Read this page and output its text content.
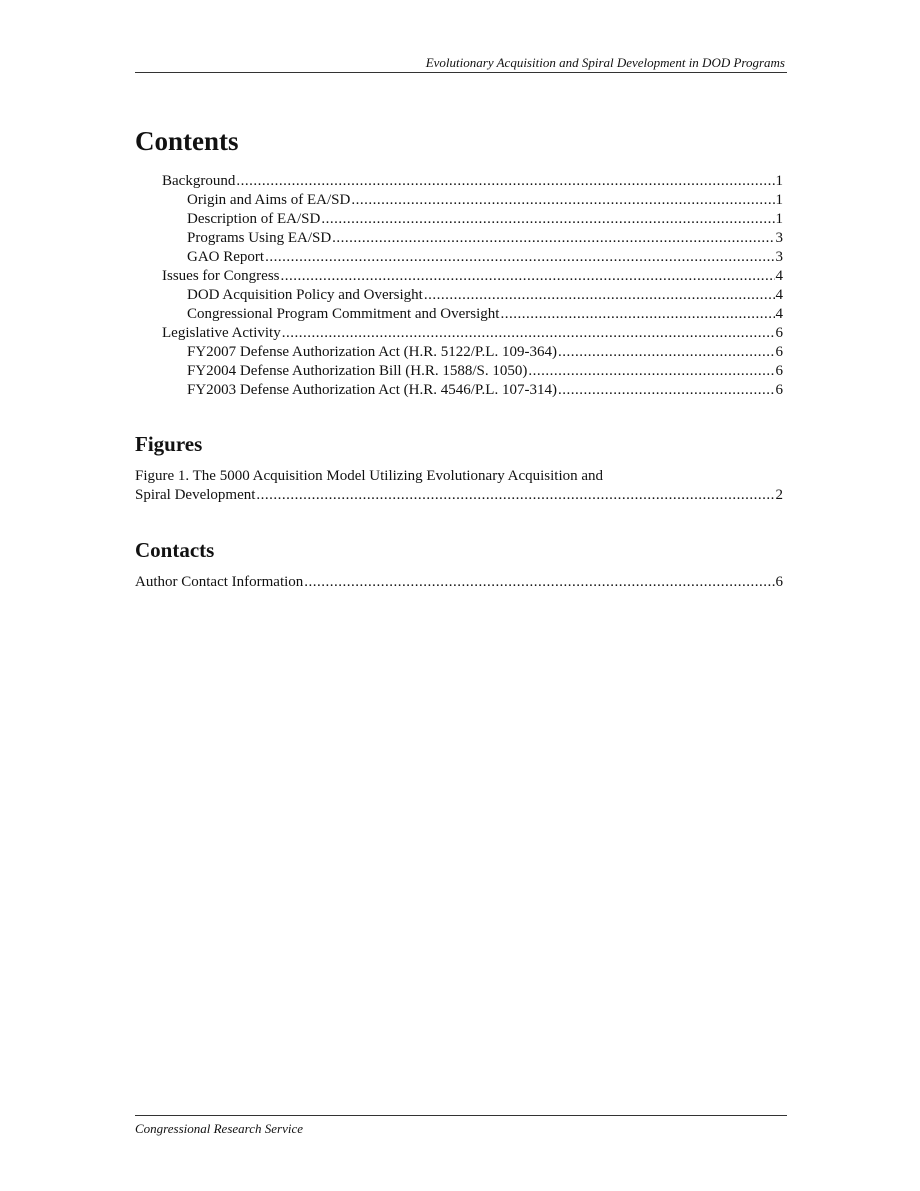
Evolutionary Acquisition and Spiral Development in DOD Programs
Contents
Background .....	1
Origin and Aims of EA/SD .....	1
Description of EA/SD .....	1
Programs Using EA/SD .....	3
GAO Report .....	3
Issues for Congress .....	4
DOD Acquisition Policy and Oversight .....	4
Congressional Program Commitment and Oversight .....	4
Legislative Activity .....	6
FY2007 Defense Authorization Act (H.R. 5122/P.L. 109-364) .....	6
FY2004 Defense Authorization Bill (H.R. 1588/S. 1050) .....	6
FY2003 Defense Authorization Act (H.R. 4546/P.L. 107-314) .....	6
Figures
Figure 1. The 5000 Acquisition Model Utilizing Evolutionary Acquisition and
Spiral Development .....	2
Contacts
Author Contact Information .....	6
Congressional Research Service
